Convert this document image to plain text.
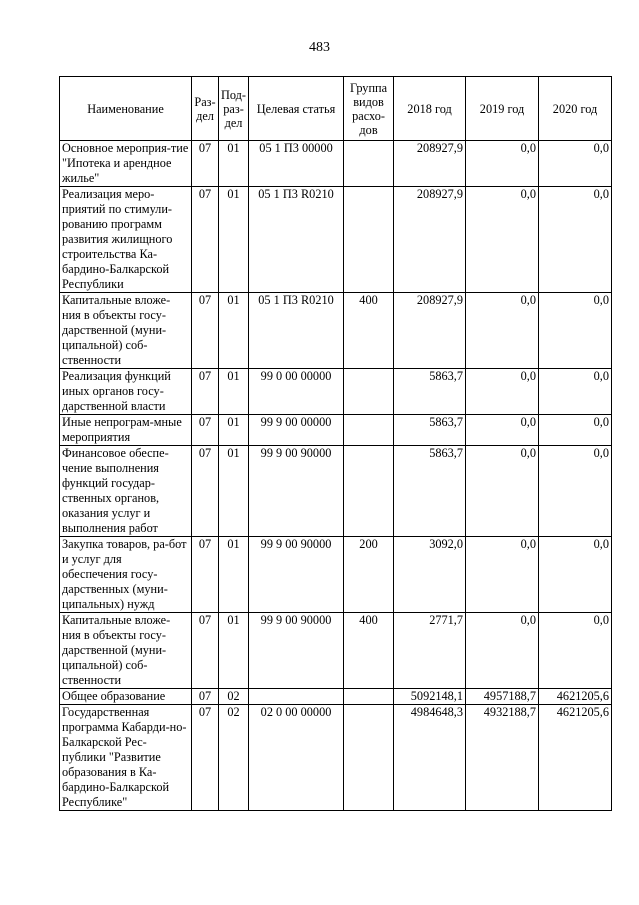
483
Наименование	Раз-дел	Под-раз-дел	Целевая статья	Группа видов расхо-дов	2018 год	2019 год	2020 год
Основное мероприя-тие "Ипотека и арендное жилье"	07	01	05 1 П3 00000		208927,9	0,0	0,0
Реализация меро-приятий по стимули-рованию программ развития жилищного строительства Ка-бардино-Балкарской Республики	07	01	05 1 П3 R0210		208927,9	0,0	0,0
Капитальные вложе-ния в объекты госу-дарственной (муни-ципальной) соб-ственности	07	01	05 1 П3 R0210	400	208927,9	0,0	0,0
Реализация функций иных органов госу-дарственной власти	07	01	99 0 00 00000		5863,7	0,0	0,0
Иные непрограм-мные мероприятия	07	01	99 9 00 00000		5863,7	0,0	0,0
Финансовое обеспе-чение выполнения функций государ-ственных органов, оказания услуг и выполнения работ	07	01	99 9 00 90000		5863,7	0,0	0,0
Закупка товаров, ра-бот и услуг для обеспечения госу-дарственных (муни-ципальных) нужд	07	01	99 9 00 90000	200	3092,0	0,0	0,0
Капитальные вложе-ния в объекты госу-дарственной (муни-ципальной) соб-ственности	07	01	99 9 00 90000	400	2771,7	0,0	0,0
Общее образование	07	02			5092148,1	4957188,7	4621205,6
Государственная программа Кабарди-но-Балкарской Рес-публики "Развитие образования в Ка-бардино-Балкарской Республике"	07	02	02 0 00 00000		4984648,3	4932188,7	4621205,6
